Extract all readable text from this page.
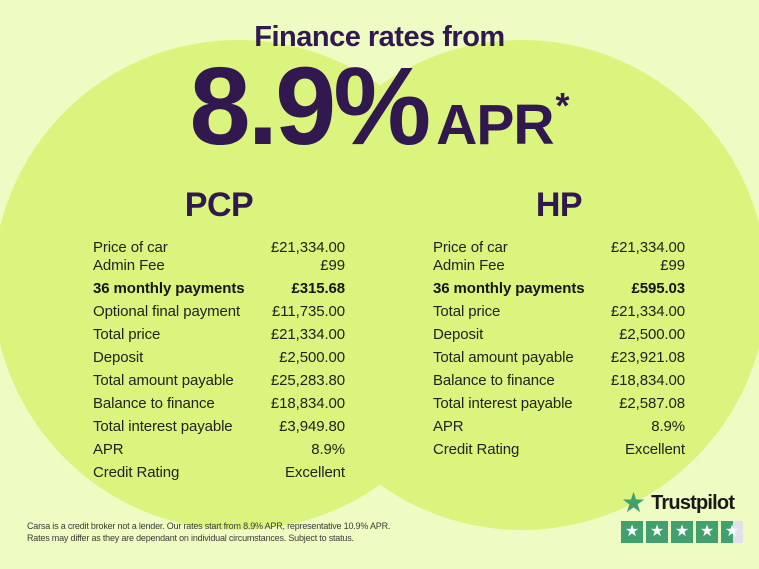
Finance rates from
8.9% APR *
PCP
Price of car	£21,334.00
Admin Fee	£99
36 monthly payments	£315.68
Optional final payment £11,735.00
Total price	£21,334.00
Deposit	£2,500.00
Total amount payable £25,283.80
Balance to finance	£18,834.00
Total interest payable	£3,949.80
APR	8.9%
Credit Rating	Excellent
HP
Price of car	£21,334.00
Admin Fee	£99
36 monthly payments	£595.03
Total price	£21,334.00
Deposit	£2,500.00
Total amount payable £23,921.08
Balance to finance	£18,834.00
Total interest payable	£2,587.08
APR	8.9%
Credit Rating	Excellent
Carsa is a credit broker not a lender. Our rates start from 8.9% APR, representative 10.9% APR.
Rates may differ as they are dependant on individual circumstances. Subject to status.
★ Trustpilot
★ ★ ★ ★ ★
